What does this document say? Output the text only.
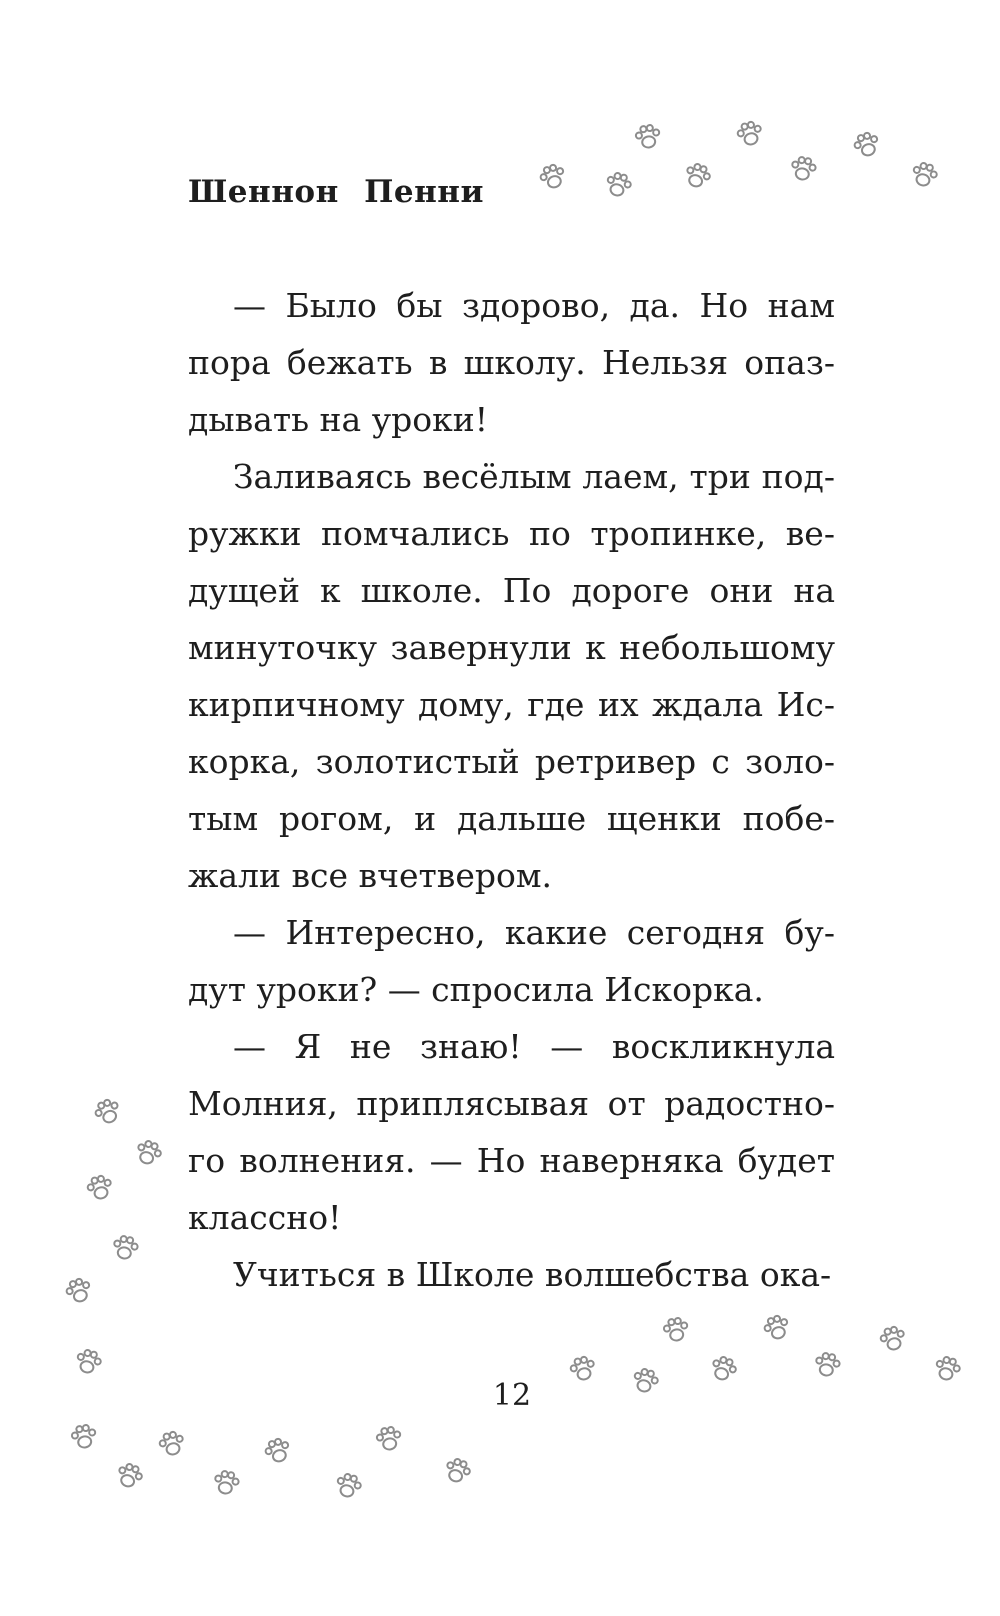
Шеннон Пенни

— Было бы здорово, да. Но нам пора бежать в школу. Нельзя опаздывать на уроки!

Заливаясь весёлым лаем, три подружки помчались по тропинке, ведущей к школе. По дороге они на минуточку завернули к небольшому кирпичному дому, где их ждала Искорка, золотистый ретривер с золотым рогом, и дальше щенки побежали все вчетвером.

— Интересно, какие сегодня будут уроки? — спросила Искорка.

— Я не знаю! — воскликнула Молния, приплясывая от радостного волнения. — Но наверняка будет классно!

Учиться в Школе волшебства ока-

12
